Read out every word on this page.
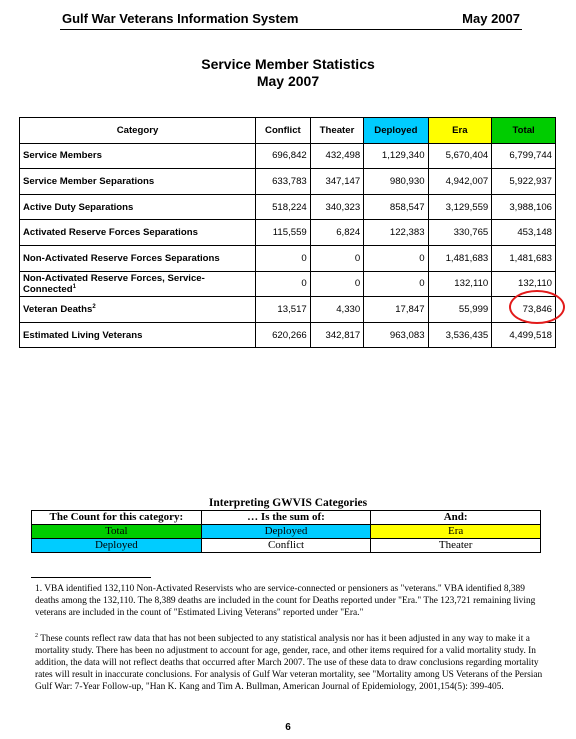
Gulf War Veterans Information System	May 2007
Service Member Statistics
May 2007
Category	Conflict	Theater	Deployed	Era	Total
Service Members	696,842	432,498	1,129,340	5,670,404	6,799,744
Service Member Separations	633,783	347,147	980,930	4,942,007	5,922,937
Active Duty Separations	518,224	340,323	858,547	3,129,559	3,988,106
Activated Reserve Forces Separations	115,559	6,824	122,383	330,765	453,148
Non-Activated Reserve Forces Separations	0	0	0	1,481,683	1,481,683
Non-Activated Reserve Forces, Service- Connected$^1$	0	0	0	132,110	132,110
Veteran Deaths$^2$	13,517	4,330	17,847	55,999	73,846
Estimated Living Veterans	620,266	342,817	963,083	3,536,435	4,499,518
Interpreting GWVIS Categories
The Count for this category:	… Is the sum of:	And:
Total	Deployed	Era
Deployed	Conflict	Theater
1. VBA identified 132,110 Non-Activated Reservists who are service-connected or pensioners as "veterans." VBA identified 8,389 deaths among the 132,110. The 8,389 deaths are included in the count for Deaths reported under "Era." The 123,721 remaining living veterans are included in the count of "Estimated Living Veterans" reported under "Era."
$^2$ These counts reflect raw data that has not been subjected to any statistical analysis nor has it been adjusted in any way to make it a mortality study. There has been no adjustment to account for age, gender, race, and other items required for a valid mortality study. In addition, the data will not reflect deaths that occurred after March 2007. The use of these data to draw conclusions regarding mortality rates will result in inaccurate conclusions. For analysis of Gulf War veteran mortality, see "Mortality among US Veterans of the Persian Gulf War: 7-Year Follow-up, "Han K. Kang and Tim A. Bullman, American Journal of Epidemiology, 2001,154(5): 399-405.
6
